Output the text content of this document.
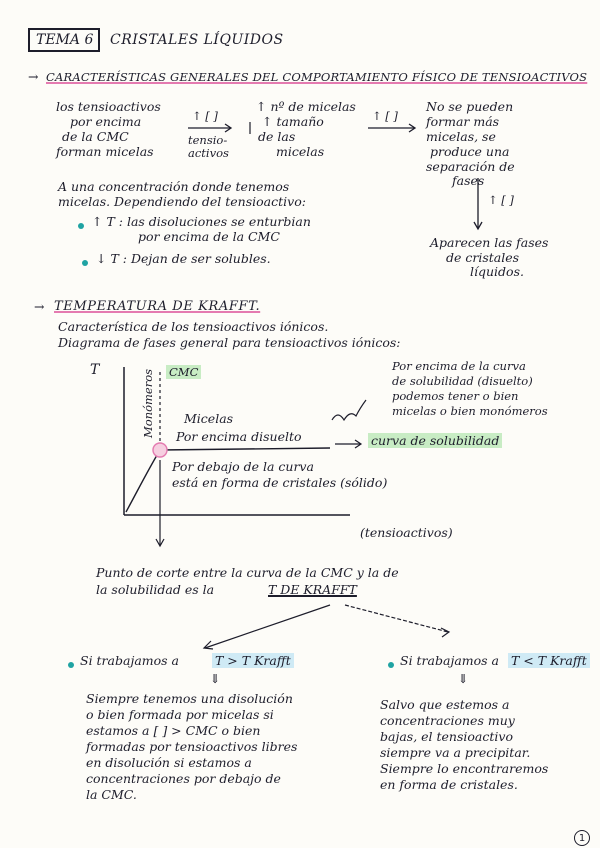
TEMA 6 CRISTALES LÍQUIDOS
→ CARACTERÍSTICAS GENERALES DEL COMPORTAMIENTO FÍSICO DE TENSIOACTIVOS
los tensioactivos
por encima
de la CMC
forman micelas
↑ [ ]
tensio-
activos
↑ nº de micelas
↑ tamaño
de las
micelas
↑ [ ]
No se pueden
formar más
micelas, se
produce una
separación de
fases
↑ [ ]
Aparecen las fases
de cristales
líquidos.
A una concentración donde tenemos
micelas. Dependiendo del tensioactivo:
↑ T : las disoluciones se enturbian
por encima de la CMC
↓ T : Dejan de ser solubles.
→ TEMPERATURA DE KRAFFT.
Característica de los tensioactivos iónicos.
Diagrama de fases general para tensioactivos iónicos:
T	Monómeros CMC
Micelas
Por encima disuelto	curva de solubilidad
Por encima de la curva
de solubilidad (disuelto)
podemos tener o bien
micelas o bien monómeros
Por debajo de la curva
está en forma de cristales (sólido)
(tensioactivos)
Punto de corte entre la curva de la CMC y la de
la solubilidad es la	T DE KRAFFT
Si trabajamos a	T > T Krafft
⇓
Siempre tenemos una disolución
o bien formada por micelas si
estamos a [ ] > CMC o bien
formadas por tensioactivos libres
en disolución si estamos a
concentraciones por debajo de
la CMC.
Si trabajamos a T < T Krafft
⇓
Salvo que estemos a
concentraciones muy
bajas, el tensioactivo
siempre va a precipitar.
Siempre lo encontraremos
en forma de cristales.
1
